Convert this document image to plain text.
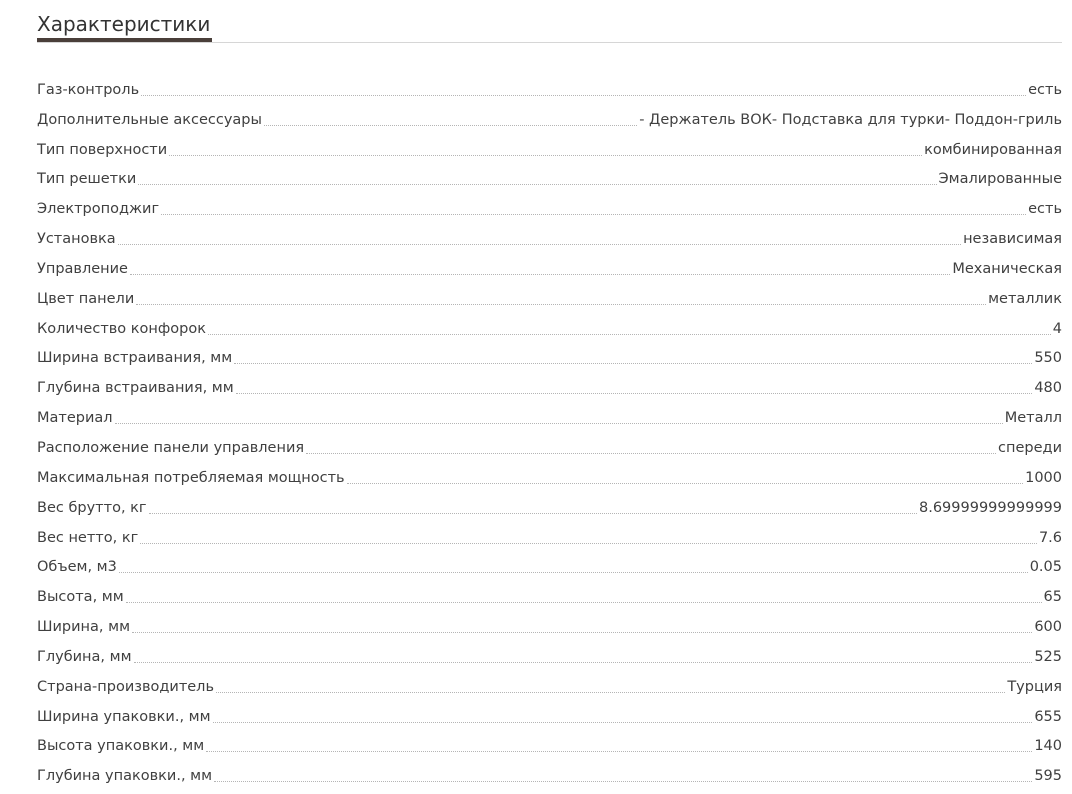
Характеристики
Газ-контроль	есть
Дополнительные аксессуары	- Держатель ВОК- Подставка для турки- Поддон-гриль
Тип поверхности	комбинированная
Тип решетки	Эмалированные
Электроподжиг	есть
Установка	независимая
Управление	Механическая
Цвет панели	металлик
Количество конфорок	4
Ширина встраивания, мм	550
Глубина встраивания, мм	480
Материал	Металл
Расположение панели управления	спереди
Максимальная потребляемая мощность	1000
Вес брутто, кг	8.69999999999999
Вес нетто, кг	7.6
Объем, м3	0.05
Высота, мм	65
Ширина, мм	600
Глубина, мм	525
Страна-производитель	Турция
Ширина упаковки., мм	655
Высота упаковки., мм	140
Глубина упаковки., мм	595
